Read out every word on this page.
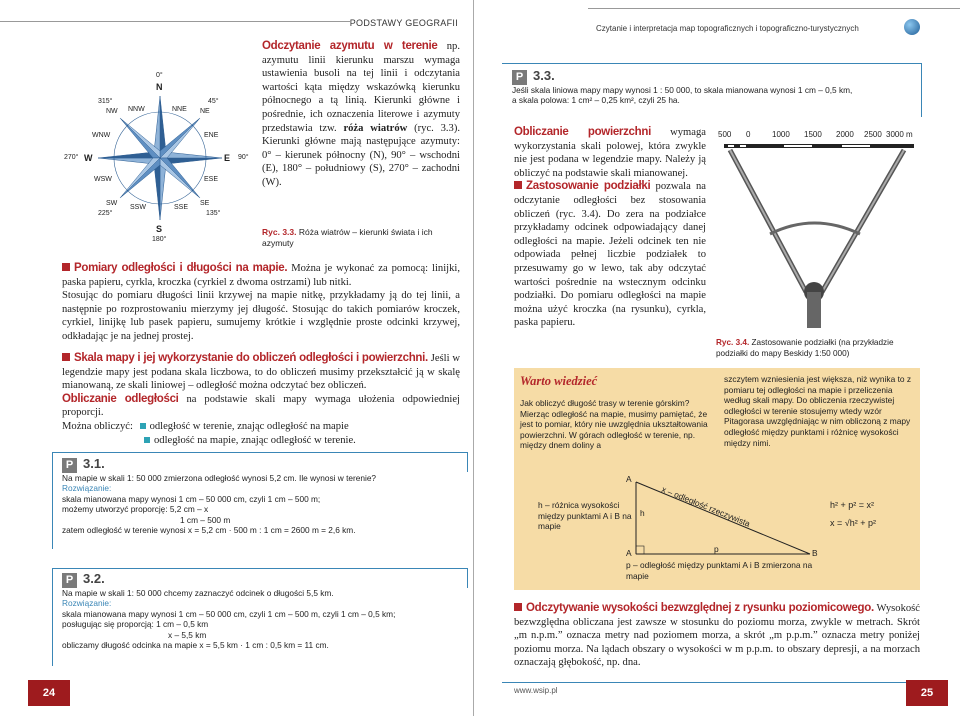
PODSTAWY GEOGRAFII
0°
N
S
180°
E 90°
270° W
315°
NW NNW	NNE
45°
NE
WNW	ENE
WSW	ESE
SW
SSW	SSE
SE
225°	135°
Odczytanie azymutu w terenie np. azymutu linii kierunku marszu wymaga ustawienia busoli na tej linii i odczytania wartości kąta między wskazówką kierunku północnego a tą linią. Kierunki główne i pośrednie, ich oznaczenia literowe i azymuty przedstawia tzw. róża wiatrów (ryc. 3.3). Kierunki główne mają następujące azymuty: 0° – kierunek północny (N), 90° – wschodni (E), 180° – południowy (S), 270° – zachodni (W).
Ryc. 3.3. Róża wiatrów – kierunki świata i ich azymuty
Pomiary odległości i długości na mapie. Można je wykonać za pomocą: linijki, paska papieru, cyrkla, kroczka (cyrkiel z dwoma ostrzami) lub nitki.
Stosując do pomiaru długości linii krzywej na mapie nitkę, przykładamy ją do tej linii, a następnie po rozprostowaniu mierzymy jej długość. Stosując do takich pomiarów kroczek, cyrkiel, linijkę lub pasek papieru, sumujemy krótkie i względnie proste odcinki krzywej, odkładając je na jednej prostej.
Skala mapy i jej wykorzystanie do obliczeń odległości i powierzchni. Jeśli w legendzie mapy jest podana skala liczbowa, to do obliczeń musimy przekształcić ją w skalę mianowaną, ze skali liniowej – odległość można odczytać bez obliczeń.
Obliczanie odległości na podstawie skali mapy wymaga ułożenia odpowiedniej proporcji.
Można obliczyć: odległość w terenie, znając odległość na mapie
odległość na mapie, znając odległość w terenie.
P 3.1.
Na mapie w skali 1: 50 000 zmierzona odległość wynosi 5,2 cm. Ile wynosi w terenie?
Rozwiązanie:
skala mianowana mapy wynosi 1 cm – 50 000 cm, czyli 1 cm – 500 m;
możemy utworzyć proporcję: 5,2 cm – x
1 cm – 500 m
zatem odległość w terenie wynosi x = 5,2 cm · 500 m : 1 cm = 2600 m = 2,6 km.
P 3.2.
Na mapie w skali 1: 50 000 chcemy zaznaczyć odcinek o długości 5,5 km.
Rozwiązanie:
skala mianowana mapy wynosi 1 cm – 50 000 cm, czyli 1 cm – 500 m, czyli 1 cm – 0,5 km;
posługując się proporcją: 1 cm – 0,5 km
x – 5,5 km
obliczamy długość odcinka na mapie x = 5,5 km · 1 cm : 0,5 km = 11 cm.
24
Czytanie i interpretacja map topograficznych i topograficzno-turystycznych
P 3.3.
Jeśli skala liniowa mapy mapy wynosi 1 : 50 000, to skala mianowana wynosi 1 cm – 0,5 km,
a skala polowa: 1 cm² – 0,25 km², czyli 25 ha.
Obliczanie powierzchni wymaga wykorzystania skali polowej, która zwykle nie jest podana w legendzie mapy. Należy ją obliczyć na podstawie skali mianowanej.
Zastosowanie podziałki pozwala na odczytanie odległości bez stosowania obliczeń (ryc. 3.4). Do zera na podziałce przykładamy odcinek odpowiadający danej odległości na mapie. Jeżeli odcinek ten nie odpowiada pełnej liczbie podziałek to przesuwamy go w lewo, tak aby odczytać wartości pośrednie na wstecznym odcinku podziałki. Do pomiaru odległości na mapie można użyć kroczka (na rysunku), cyrkla, paska papieru.
500 0	1000 1500 2000 2500 3000 m
Ryc. 3.4. Zastosowanie podziałki (na przykładzie podziałki do mapy Beskidy 1:50 000)
Warto wiedzieć
Jak obliczyć długość trasy w terenie górskim? Mierząc odległość na mapie, musimy pamiętać, że jest to pomiar, który nie uwzględnia ukształtowania powierzchni. W górach odległość w terenie, np. między dnem doliny a
szczytem wzniesienia jest większa, niż wynika to z pomiaru tej odległości na mapie i przeliczenia według skali mapy. Do obliczenia rzeczywistej odległości w terenie stosujemy wtedy wzór Pitagorasa uwzględniając w nim obliczoną z mapy odległość między punktami i różnicę wysokości między nimi.
A
A	B
h
p
h – różnica wysokości między punktami A i B na mapie	x – odległość rzeczywista
p – odległość między punktami A i B zmierzona na mapie
h² + p² = x²
x = √h² + p²
Odczytywanie wysokości bezwzględnej z rysunku poziomicowego. Wysokość bezwzględna obliczana jest zawsze w stosunku do poziomu morza, zwykle w metrach. Skrót „m n.p.m.” oznacza metry nad poziomem morza, a skrót „m p.p.m.” oznacza metry poniżej poziomu morza. Na lądach obszary o wysokości w m p.p.m. to obszary depresji, a na morzach oznaczają głębokość, np. dna.
www.wsip.pl	25
